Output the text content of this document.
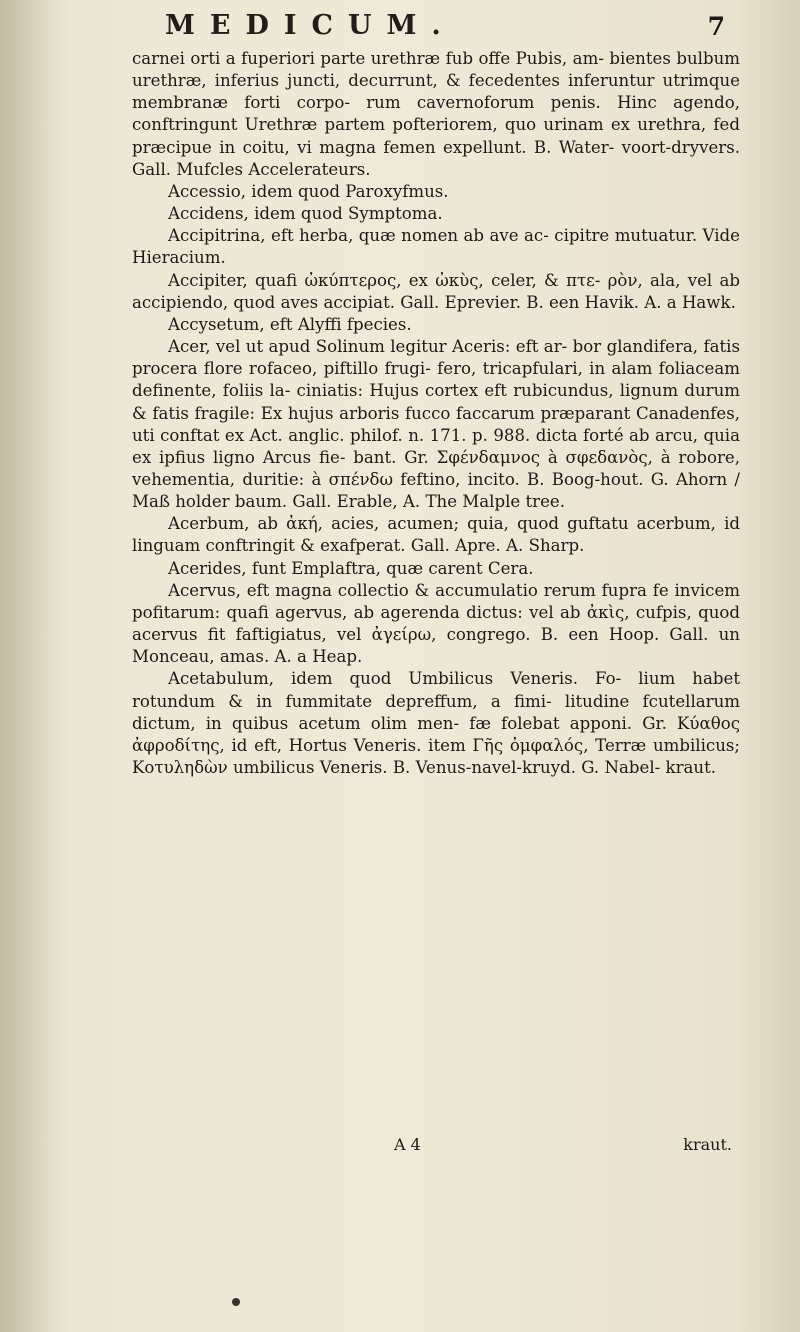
MEDICUM.	7

carnei orti a fuperiori parte urethræ fub offe Pubis, am- bientes bulbum urethræ, inferius juncti, decurrunt, & fecedentes inferuntur utrimque membranæ forti corpo- rum cavernoforum penis. Hinc agendo, conftringunt Urethræ partem pofteriorem, quo urinam ex urethra, fed præcipue in coitu, vi magna femen expellunt. B. Water- voort-dryvers. Gall. Mufcles Accelerateurs.

Accessio, idem quod Paroxyfmus.

Accidens, idem quod Symptoma.

Accipitrina, eft herba, quæ nomen ab ave ac- cipitre mutuatur. Vide Hieracium.

Accipiter, quafi ὠκύπτερος, ex ὠκὺς, celer, & πτε- ρὸν, ala, vel ab accipiendo, quod aves accipiat. Gall. Eprevier. B. een Havik. A. a Hawk.

Accysetum, eft Alyffi fpecies.

Acer, vel ut apud Solinum legitur Aceris: eft ar- bor glandifera, fatis procera flore rofaceo, piftillo frugi- fero, tricapfulari, in alam foliaceam definente, foliis la- ciniatis: Hujus cortex eft rubicundus, lignum durum & fatis fragile: Ex hujus arboris fucco faccarum præparant Canadenfes, uti conftat ex Act. anglic. philof. n. 171. p. 988. dicta forté ab arcu, quia ex ipfius ligno Arcus fie- bant. Gr. Σφένδαμνος à σφεδανὸς, à robore, vehementia, duritie: à σπένδω feftino, incito. B. Boog-hout. G. Ahorn / Maß holder baum. Gall. Erable, A. The Malple tree.

Acerbum, ab ἀκή, acies, acumen; quia, quod guftatu acerbum, id linguam conftringit & exafperat. Gall. Apre. A. Sharp.

Acerides, funt Emplaftra, quæ carent Cera.

Acervus, eft magna collectio & accumulatio rerum fupra fe invicem pofitarum: quafi agervus, ab agerenda dictus: vel ab ἀκὶς, cufpis, quod acervus fit faftigiatus, vel ἀγείρω, congrego. B. een Hoop. Gall. un Monceau, amas. A. a Heap.

Acetabulum, idem quod Umbilicus Veneris. Fo- lium habet rotundum & in fummitate depreffum, a fimi- litudine fcutellarum dictum, in quibus acetum olim men- fæ folebat apponi. Gr. Κύαθος ἀφροδίτης, id eft, Hortus Veneris. item Γῆς ὀμφαλός, Terræ umbilicus; Κοτυληδὼν umbilicus Veneris. B. Venus-navel-kruyd. G. Nabel- kraut.

A 4	kraut.
